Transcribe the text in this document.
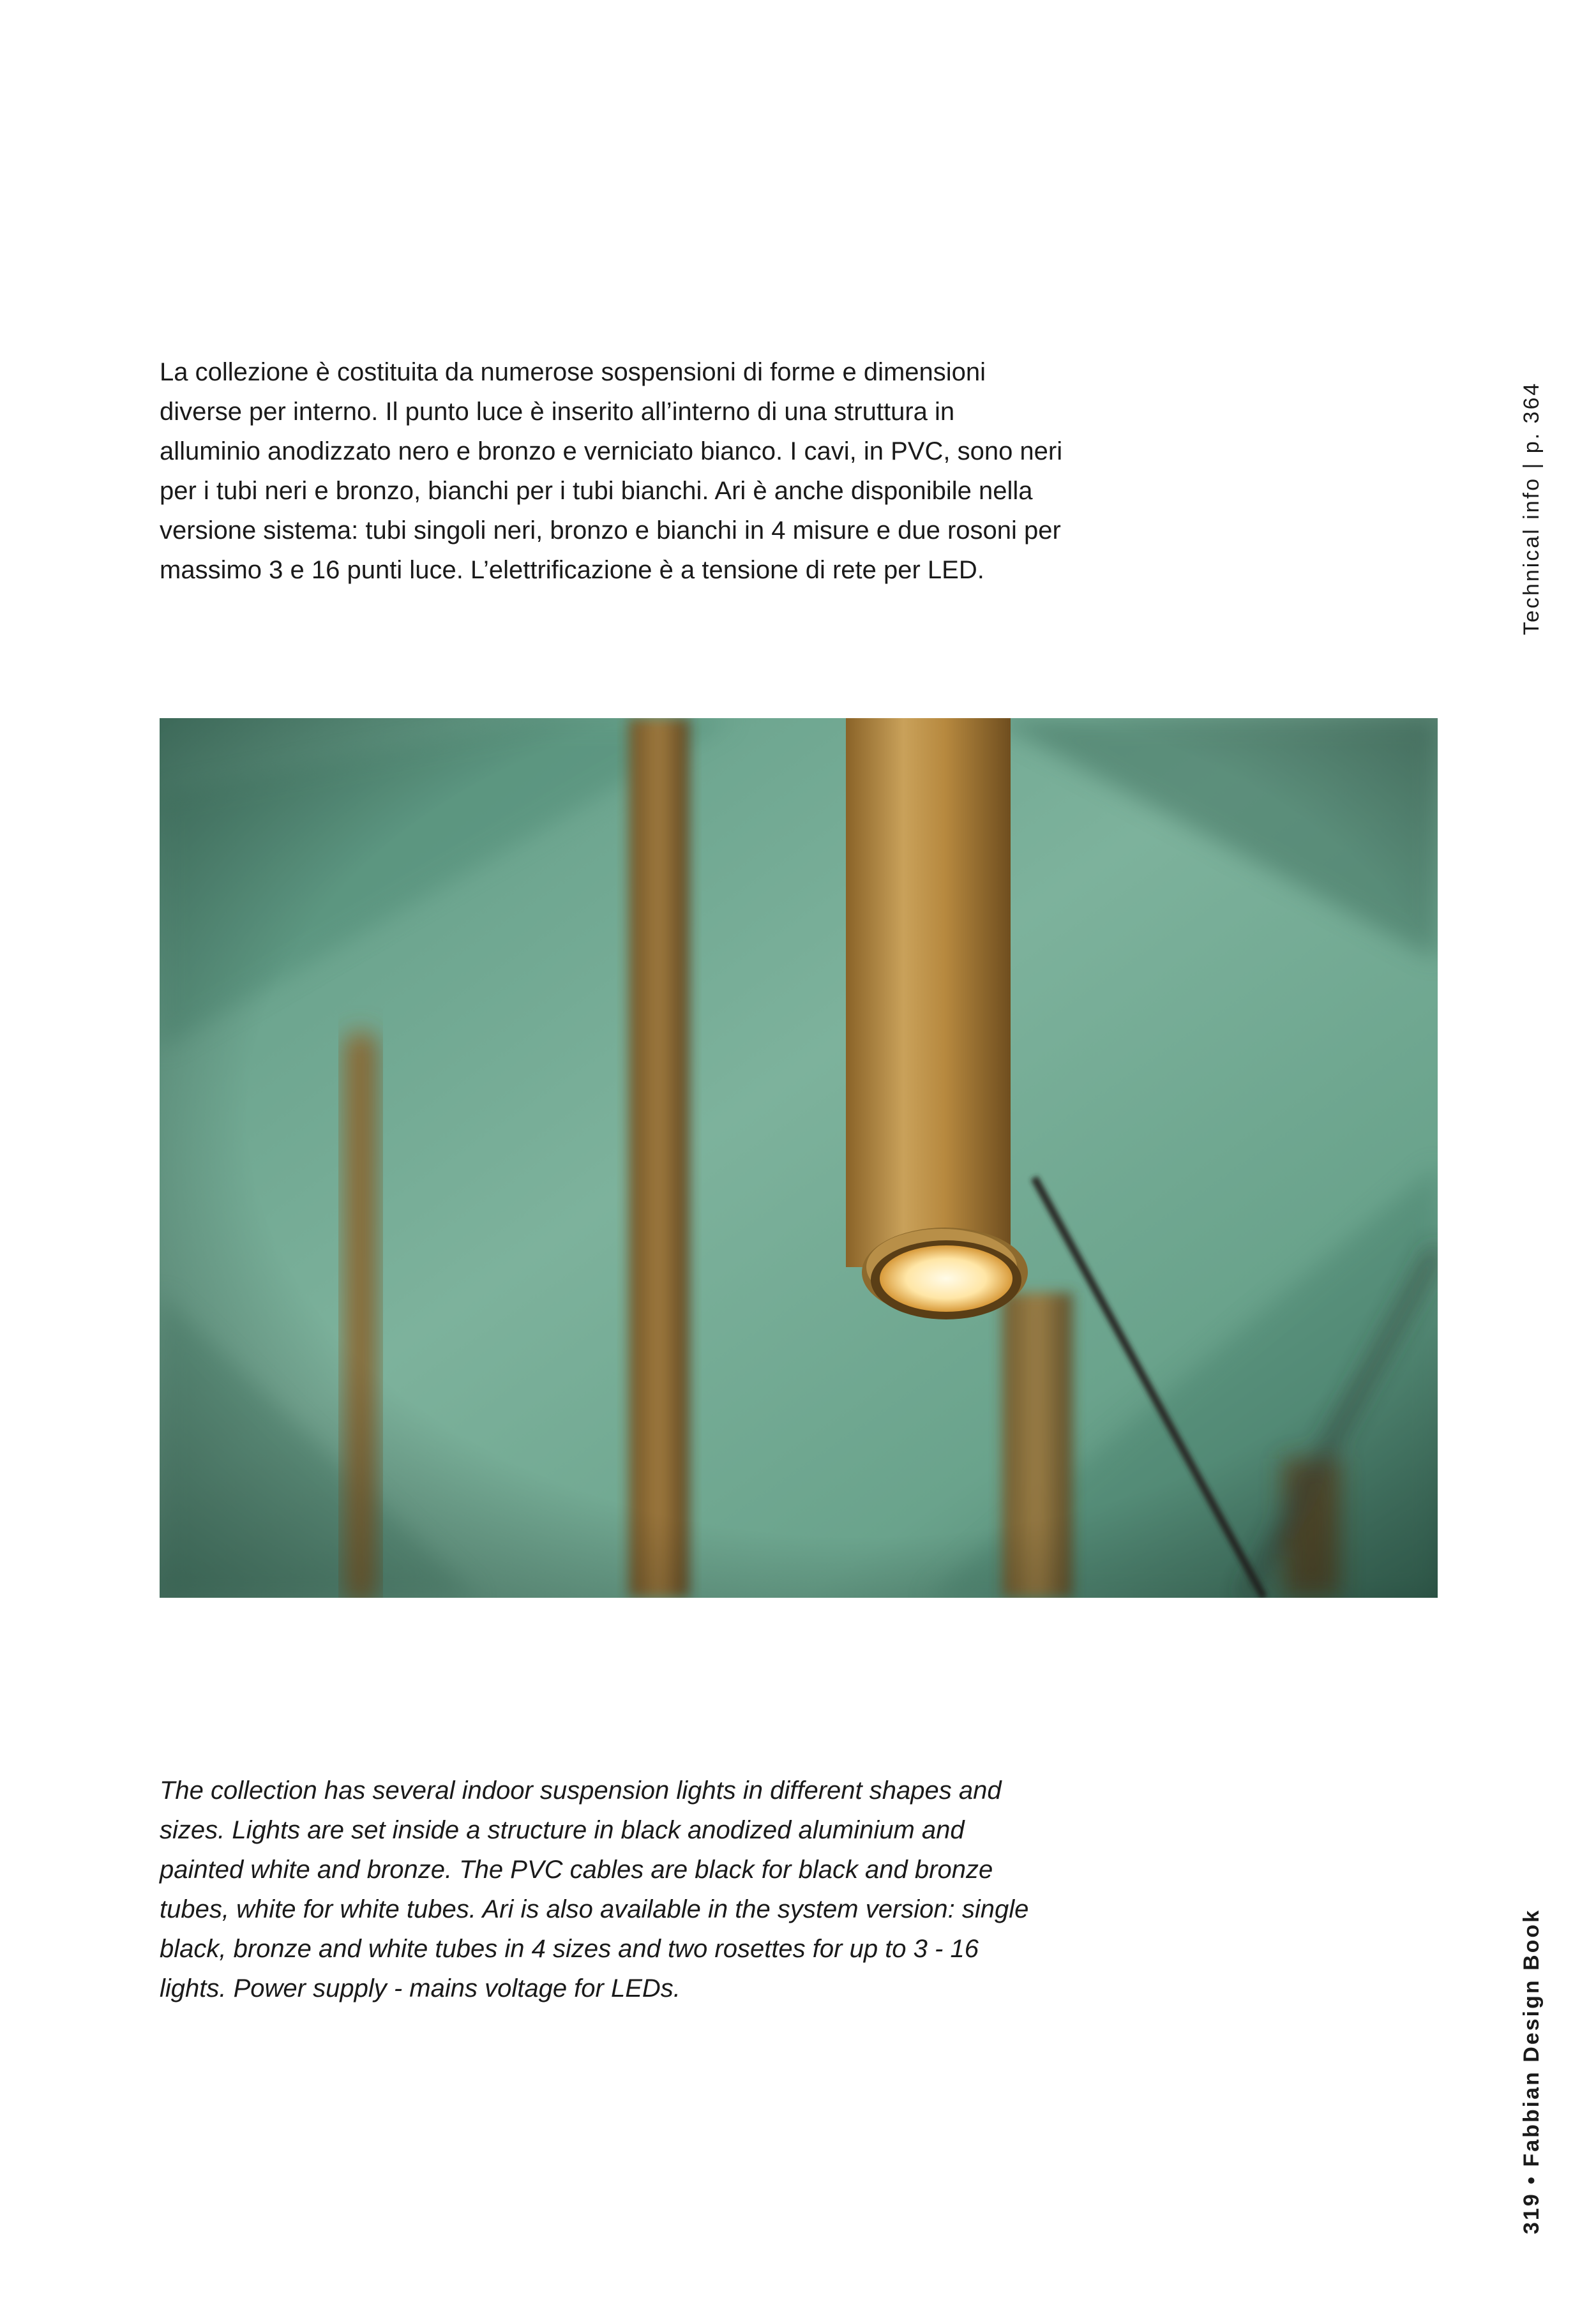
La collezione è costituita da numerose sospensioni di forme e dimensioni
diverse per interno. Il punto luce è inserito all’interno di una struttura in
alluminio anodizzato nero e bronzo e verniciato bianco. I cavi, in PVC, sono neri
per i tubi neri e bronzo, bianchi per i tubi bianchi. Ari è anche disponibile nella
versione sistema: tubi singoli neri, bronzo e bianchi in 4 misure e due rosoni per
massimo 3 e 16 punti luce. L’elettrificazione è a tensione di rete per LED.	Technical info | p. 364
The collection has several indoor suspension lights in different shapes and
sizes. Lights are set inside a structure in black anodized aluminium and
painted white and bronze. The PVC cables are black for black and bronze
tubes, white for white tubes. Ari is also available in the system version: single
black, bronze and white tubes in 4 sizes and two rosettes for up to 3 - 16
lights. Power supply - mains voltage for LEDs.	319 • Fabbian Design Book
